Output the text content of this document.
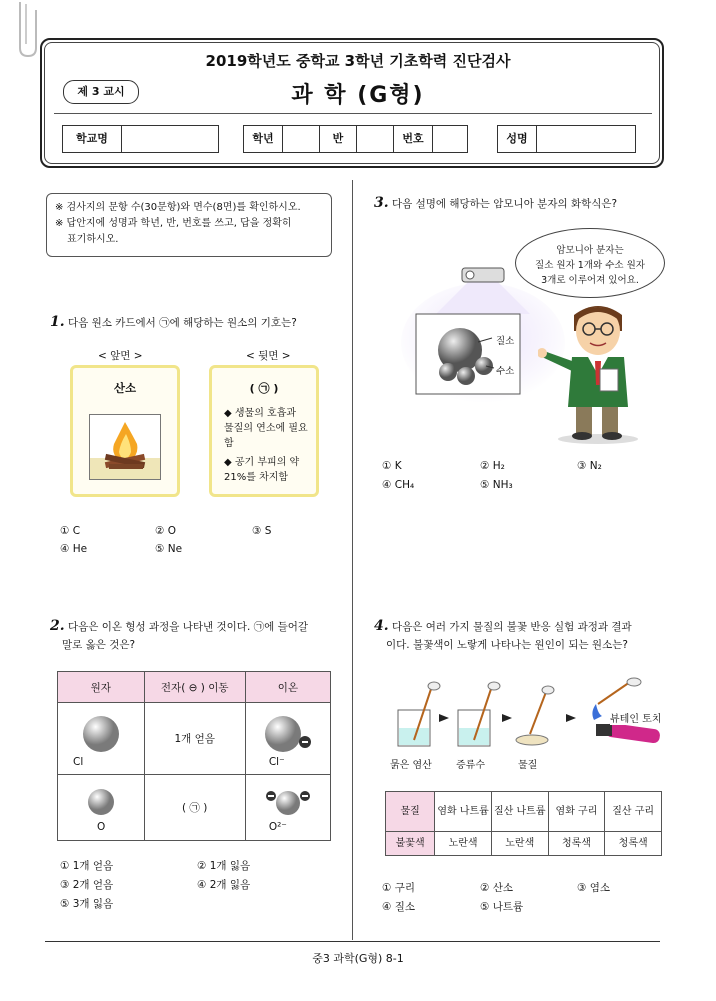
2019학년도 중학교 3학년 기초학력 진단검사
과 학 (G형)
제 3 교시
학교명	학년	반	번호	성명
※ 검사지의 문항 수(30문항)와 면수(8면)를 확인하시오.
※ 답안지에 성명과 학년, 반, 번호를 쓰고, 답을 정확히
표기하시오.
1. 다음 원소 카드에서 ㉠에 해당하는 원소의 기호는?
< 앞면 >	< 뒷면 >
산소	( ㉠ )
◆ 생물의 호흡과 물질의 연소에 필요함
◆ 공기 부피의 약 21%를 차지함
① C	② O	③ S
④ He	⑤ Ne
2. 다음은 이온 형성 과정을 나타낸 것이다. ㉠에 들어갈
말로 옳은 것은?
원자	전자( ⊖ ) 이동	이온

Cl	1개 얻음	Cl⁻

O	( ㉠ )	O²⁻
① 1개 얻음	② 1개 잃음
③ 2개 얻음	④ 2개 잃음
⑤ 3개 잃음
3. 다음 설명에 해당하는 암모니아 분자의 화학식은?
질소
수소
암모니아 분자는
질소 원자 1개와 수소 원자
3개로 이루어져 있어요.
① K	② H₂	③ N₂
④ CH₄	⑤ NH₃
4. 다음은 여러 가지 물질의 불꽃 반응 실험 과정과 결과
이다. 불꽃색이 노랗게 나타나는 원인이 되는 원소는?
묽은 염산 증류수	물질
뷰테인 토치
물질	염화 나트륨	질산 나트륨	염화 구리	질산 구리
불꽃색	노란색	노란색	청록색	청록색
① 구리	② 산소	③ 염소
④ 질소	⑤ 나트륨
중3 과학(G형) 8-1
